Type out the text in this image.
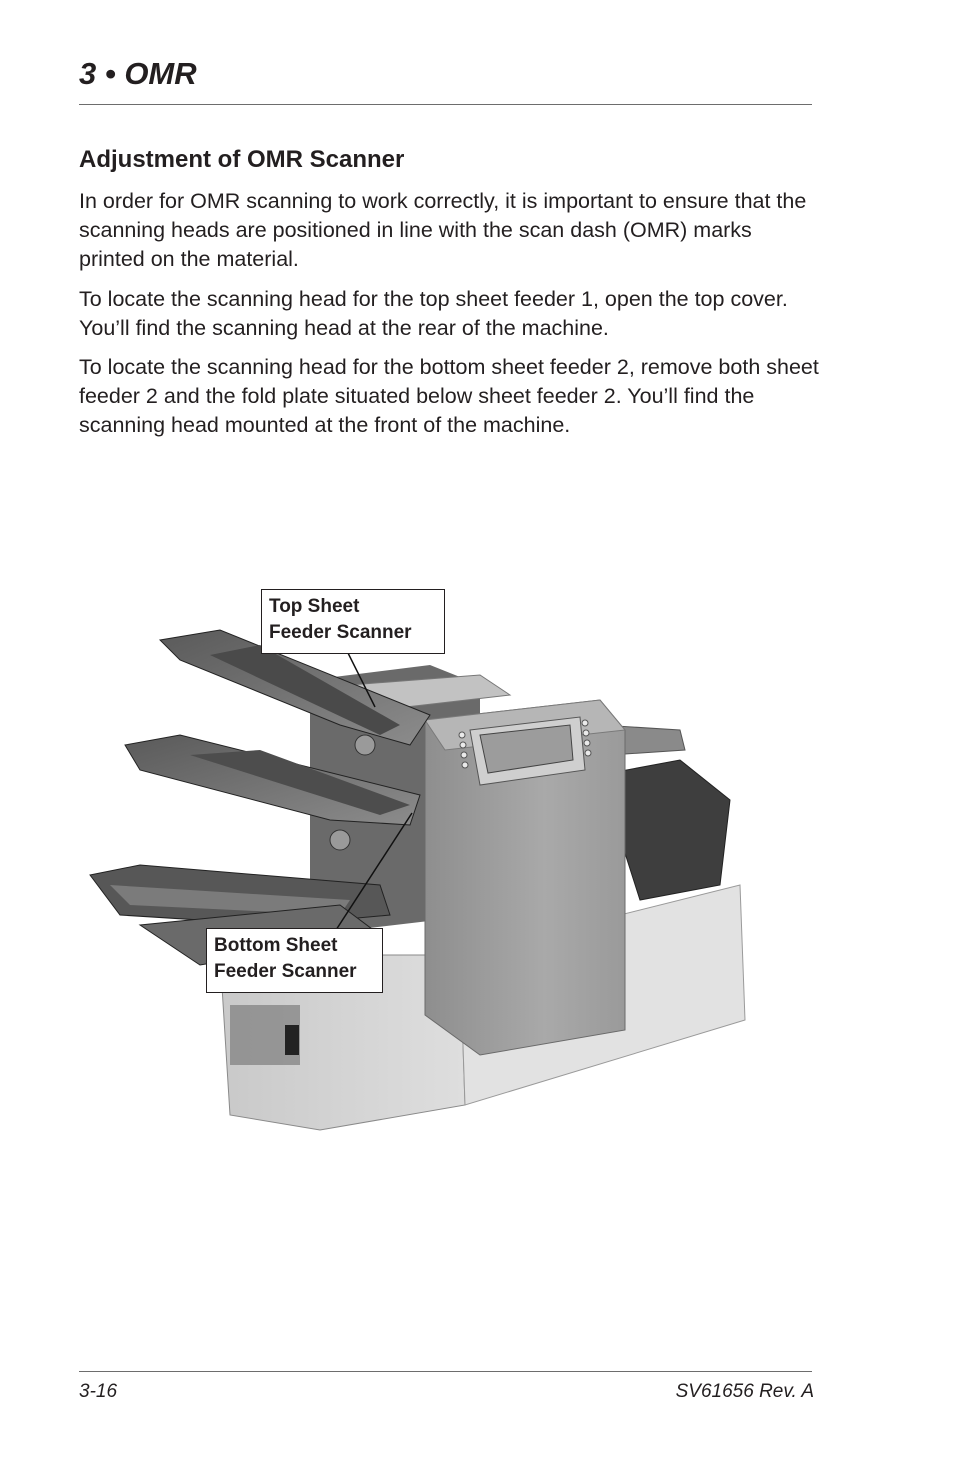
3 • OMR
Adjustment of OMR Scanner

In order for OMR scanning to work correctly, it is important to ensure that the scanning heads are positioned in line with the scan dash (OMR) marks printed on the material.

To locate the scanning head for the top sheet feeder 1, open the top cover. You’ll find the scanning head at the rear of the machine.

To locate the scanning head for the bottom sheet feeder 2, remove both sheet feeder 2 and the fold plate situated below sheet feeder 2. You’ll find the scanning head mounted at the front of the machine.

Top Sheet
Feeder Scanner
Bottom Sheet
Feeder Scanner
3-16	SV61656 Rev. A
